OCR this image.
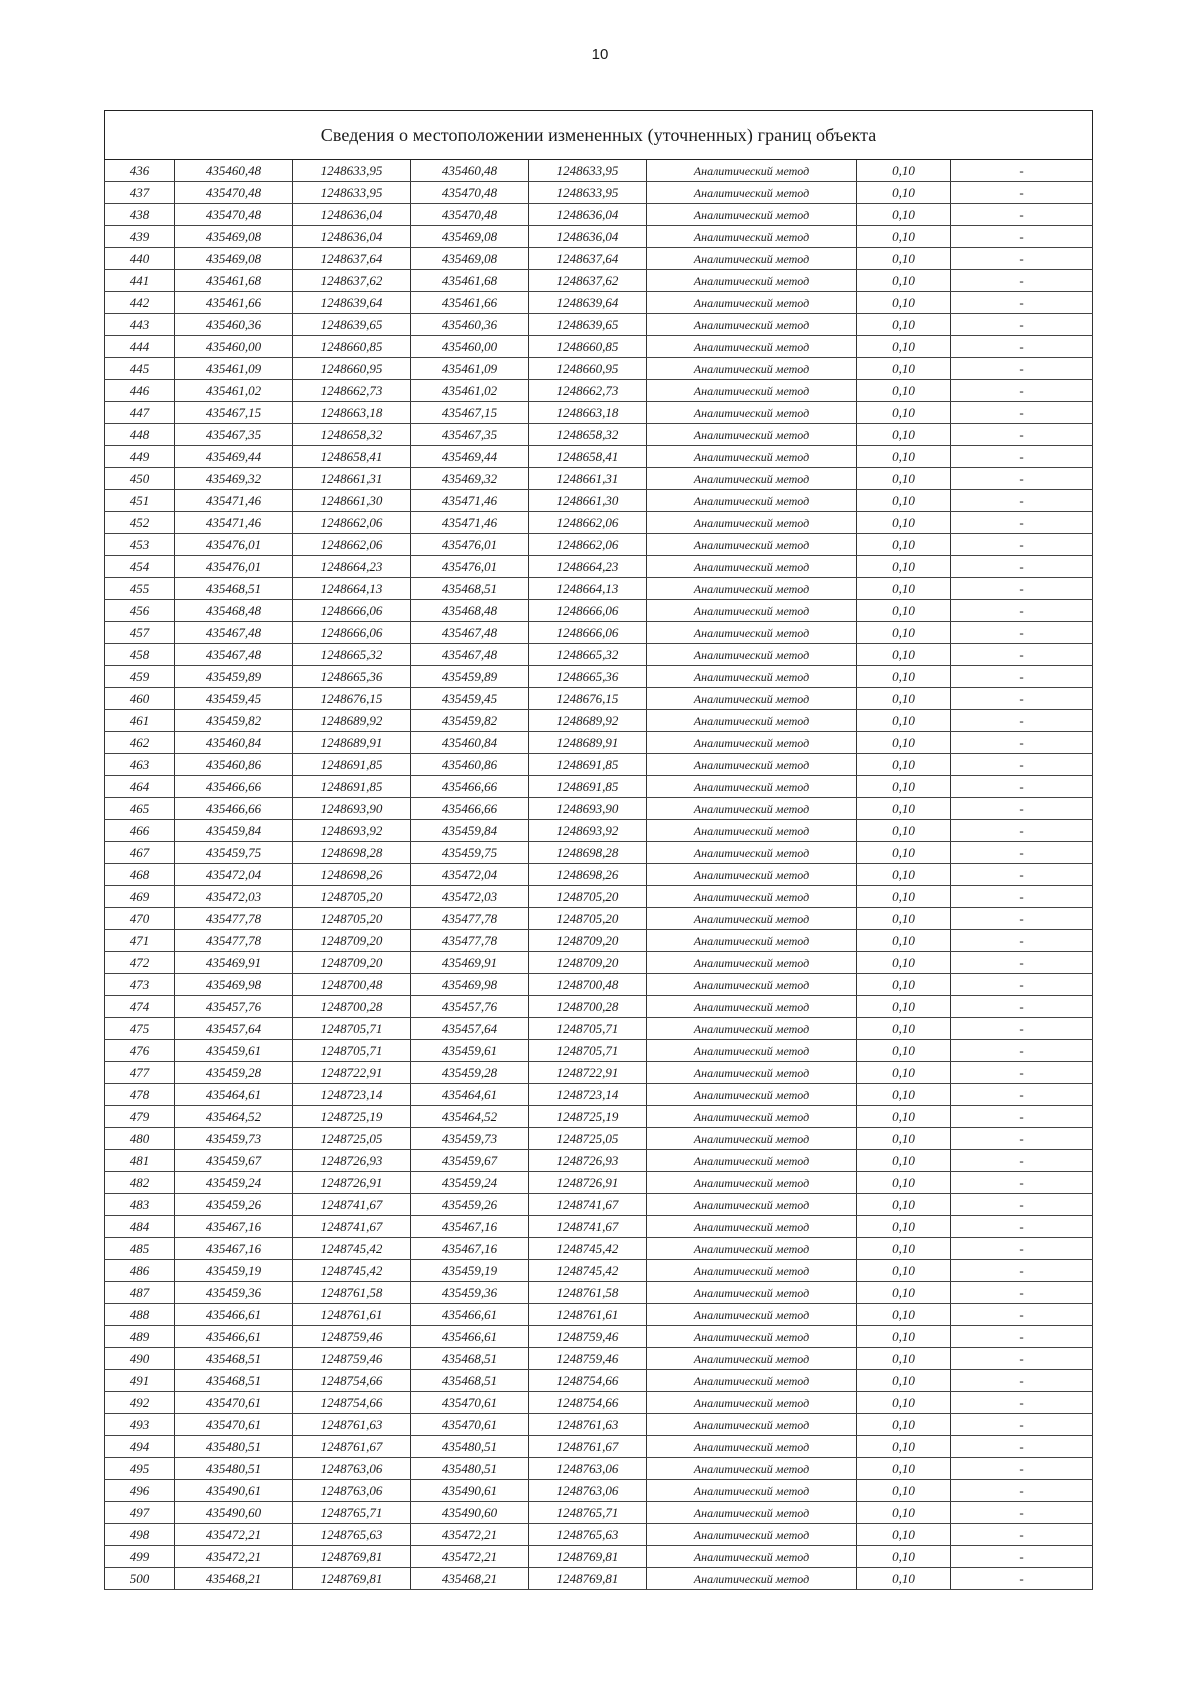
10
Сведения о местоположении измененных (уточненных) границ объекта							
436	435460,48	1248633,95	435460,48	1248633,95	Аналитический метод	0,10	-
437	435470,48	1248633,95	435470,48	1248633,95	Аналитический метод	0,10	-
438	435470,48	1248636,04	435470,48	1248636,04	Аналитический метод	0,10	-
439	435469,08	1248636,04	435469,08	1248636,04	Аналитический метод	0,10	-
440	435469,08	1248637,64	435469,08	1248637,64	Аналитический метод	0,10	-
441	435461,68	1248637,62	435461,68	1248637,62	Аналитический метод	0,10	-
442	435461,66	1248639,64	435461,66	1248639,64	Аналитический метод	0,10	-
443	435460,36	1248639,65	435460,36	1248639,65	Аналитический метод	0,10	-
444	435460,00	1248660,85	435460,00	1248660,85	Аналитический метод	0,10	-
445	435461,09	1248660,95	435461,09	1248660,95	Аналитический метод	0,10	-
446	435461,02	1248662,73	435461,02	1248662,73	Аналитический метод	0,10	-
447	435467,15	1248663,18	435467,15	1248663,18	Аналитический метод	0,10	-
448	435467,35	1248658,32	435467,35	1248658,32	Аналитический метод	0,10	-
449	435469,44	1248658,41	435469,44	1248658,41	Аналитический метод	0,10	-
450	435469,32	1248661,31	435469,32	1248661,31	Аналитический метод	0,10	-
451	435471,46	1248661,30	435471,46	1248661,30	Аналитический метод	0,10	-
452	435471,46	1248662,06	435471,46	1248662,06	Аналитический метод	0,10	-
453	435476,01	1248662,06	435476,01	1248662,06	Аналитический метод	0,10	-
454	435476,01	1248664,23	435476,01	1248664,23	Аналитический метод	0,10	-
455	435468,51	1248664,13	435468,51	1248664,13	Аналитический метод	0,10	-
456	435468,48	1248666,06	435468,48	1248666,06	Аналитический метод	0,10	-
457	435467,48	1248666,06	435467,48	1248666,06	Аналитический метод	0,10	-
458	435467,48	1248665,32	435467,48	1248665,32	Аналитический метод	0,10	-
459	435459,89	1248665,36	435459,89	1248665,36	Аналитический метод	0,10	-
460	435459,45	1248676,15	435459,45	1248676,15	Аналитический метод	0,10	-
461	435459,82	1248689,92	435459,82	1248689,92	Аналитический метод	0,10	-
462	435460,84	1248689,91	435460,84	1248689,91	Аналитический метод	0,10	-
463	435460,86	1248691,85	435460,86	1248691,85	Аналитический метод	0,10	-
464	435466,66	1248691,85	435466,66	1248691,85	Аналитический метод	0,10	-
465	435466,66	1248693,90	435466,66	1248693,90	Аналитический метод	0,10	-
466	435459,84	1248693,92	435459,84	1248693,92	Аналитический метод	0,10	-
467	435459,75	1248698,28	435459,75	1248698,28	Аналитический метод	0,10	-
468	435472,04	1248698,26	435472,04	1248698,26	Аналитический метод	0,10	-
469	435472,03	1248705,20	435472,03	1248705,20	Аналитический метод	0,10	-
470	435477,78	1248705,20	435477,78	1248705,20	Аналитический метод	0,10	-
471	435477,78	1248709,20	435477,78	1248709,20	Аналитический метод	0,10	-
472	435469,91	1248709,20	435469,91	1248709,20	Аналитический метод	0,10	-
473	435469,98	1248700,48	435469,98	1248700,48	Аналитический метод	0,10	-
474	435457,76	1248700,28	435457,76	1248700,28	Аналитический метод	0,10	-
475	435457,64	1248705,71	435457,64	1248705,71	Аналитический метод	0,10	-
476	435459,61	1248705,71	435459,61	1248705,71	Аналитический метод	0,10	-
477	435459,28	1248722,91	435459,28	1248722,91	Аналитический метод	0,10	-
478	435464,61	1248723,14	435464,61	1248723,14	Аналитический метод	0,10	-
479	435464,52	1248725,19	435464,52	1248725,19	Аналитический метод	0,10	-
480	435459,73	1248725,05	435459,73	1248725,05	Аналитический метод	0,10	-
481	435459,67	1248726,93	435459,67	1248726,93	Аналитический метод	0,10	-
482	435459,24	1248726,91	435459,24	1248726,91	Аналитический метод	0,10	-
483	435459,26	1248741,67	435459,26	1248741,67	Аналитический метод	0,10	-
484	435467,16	1248741,67	435467,16	1248741,67	Аналитический метод	0,10	-
485	435467,16	1248745,42	435467,16	1248745,42	Аналитический метод	0,10	-
486	435459,19	1248745,42	435459,19	1248745,42	Аналитический метод	0,10	-
487	435459,36	1248761,58	435459,36	1248761,58	Аналитический метод	0,10	-
488	435466,61	1248761,61	435466,61	1248761,61	Аналитический метод	0,10	-
489	435466,61	1248759,46	435466,61	1248759,46	Аналитический метод	0,10	-
490	435468,51	1248759,46	435468,51	1248759,46	Аналитический метод	0,10	-
491	435468,51	1248754,66	435468,51	1248754,66	Аналитический метод	0,10	-
492	435470,61	1248754,66	435470,61	1248754,66	Аналитический метод	0,10	-
493	435470,61	1248761,63	435470,61	1248761,63	Аналитический метод	0,10	-
494	435480,51	1248761,67	435480,51	1248761,67	Аналитический метод	0,10	-
495	435480,51	1248763,06	435480,51	1248763,06	Аналитический метод	0,10	-
496	435490,61	1248763,06	435490,61	1248763,06	Аналитический метод	0,10	-
497	435490,60	1248765,71	435490,60	1248765,71	Аналитический метод	0,10	-
498	435472,21	1248765,63	435472,21	1248765,63	Аналитический метод	0,10	-
499	435472,21	1248769,81	435472,21	1248769,81	Аналитический метод	0,10	-
500	435468,21	1248769,81	435468,21	1248769,81	Аналитический метод	0,10	-
